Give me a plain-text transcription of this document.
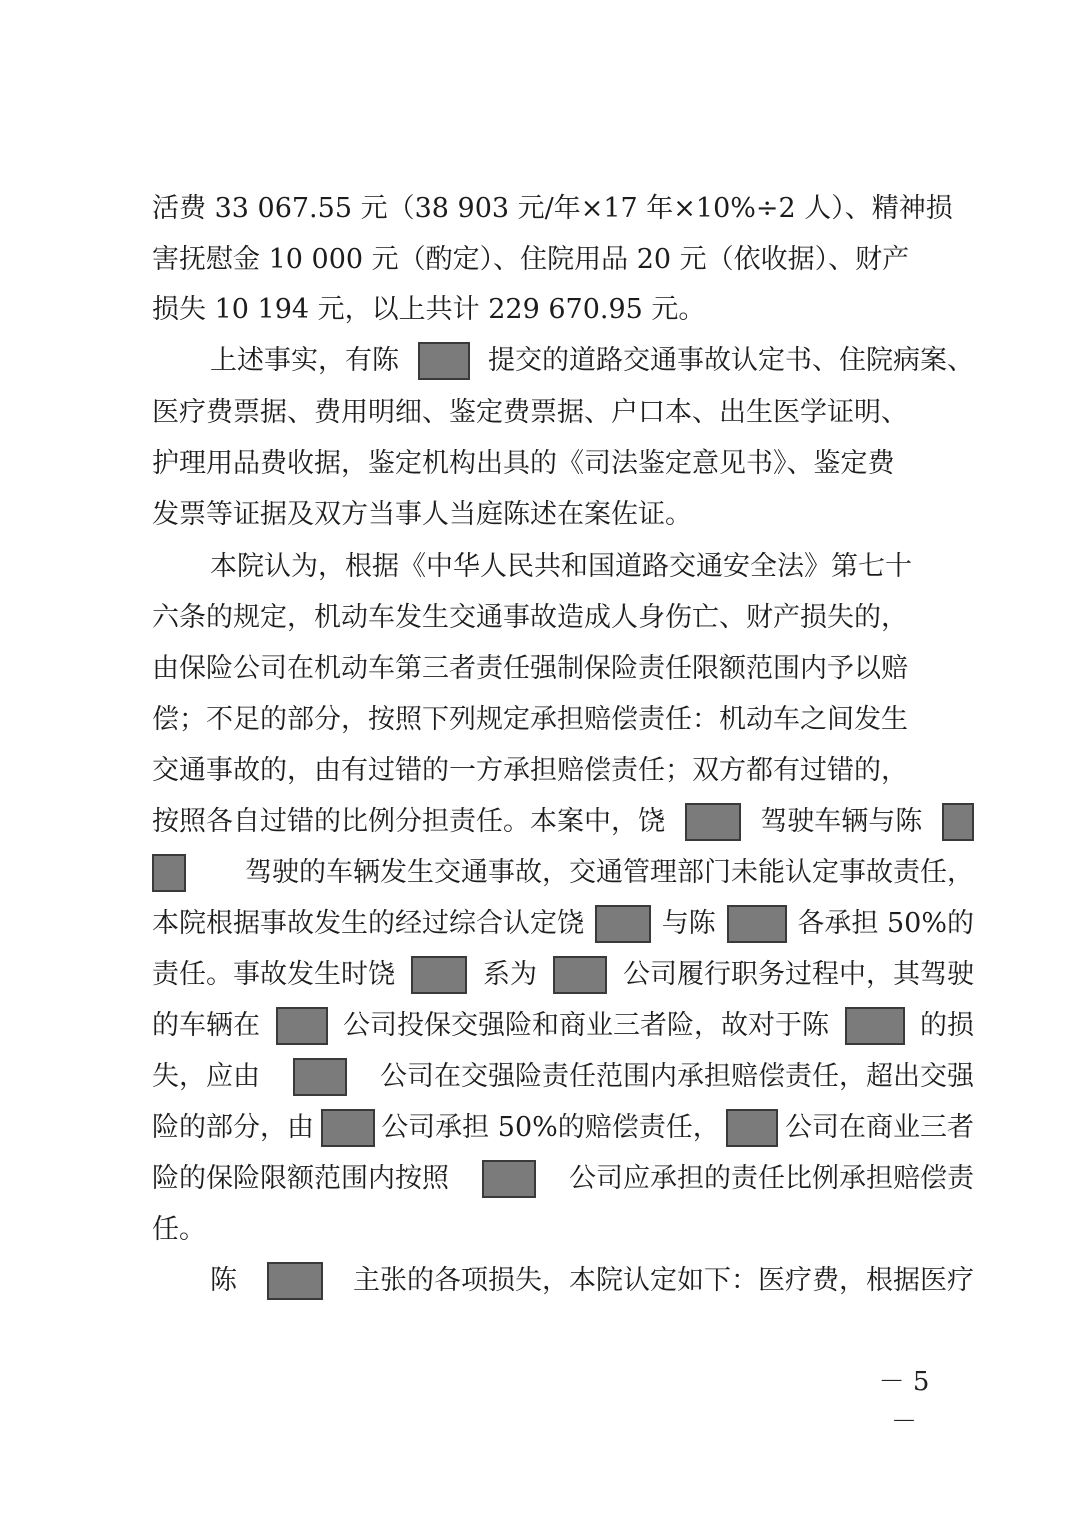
活费 33 067.55 元（38 903 元/年×17 年×10%÷2 人）、精神损
害抚慰金 10 000 元（酌定）、住院用品 20 元（依收据）、财产
损失 10 194 元，以上共计 229 670.95 元。
上述事实，有陈	提交的道路交通事故认定书、住院病案、
医疗费票据、费用明细、鉴定费票据、户口本、出生医学证明、
护理用品费收据，鉴定机构出具的《司法鉴定意见书》、鉴定费
发票等证据及双方当事人当庭陈述在案佐证。
本院认为，根据《中华人民共和国道路交通安全法》第七十
六条的规定，机动车发生交通事故造成人身伤亡、财产损失的，
由保险公司在机动车第三者责任强制保险责任限额范围内予以赔
偿；不足的部分，按照下列规定承担赔偿责任：机动车之间发生
交通事故的，由有过错的一方承担赔偿责任；双方都有过错的，
按照各自过错的比例分担责任。本案中，饶	驾驶车辆与陈
驾驶的车辆发生交通事故，交通管理部门未能认定事故责任，
本院根据事故发生的经过综合认定饶	与陈	各承担 50%的
责任。事故发生时饶	系为	公司履行职务过程中，其驾驶
的车辆在	公司投保交强险和商业三者险，故对于陈	的损
失，应由	公司在交强险责任范围内承担赔偿责任，超出交强
险的部分，由 公司承担 50%的赔偿责任， 公司在商业三者
险的保险限额范围内按照	公司应承担的责任比例承担赔偿责
任。
陈	主张的各项损失，本院认定如下：医疗费，根据医疗
－ 5 －
